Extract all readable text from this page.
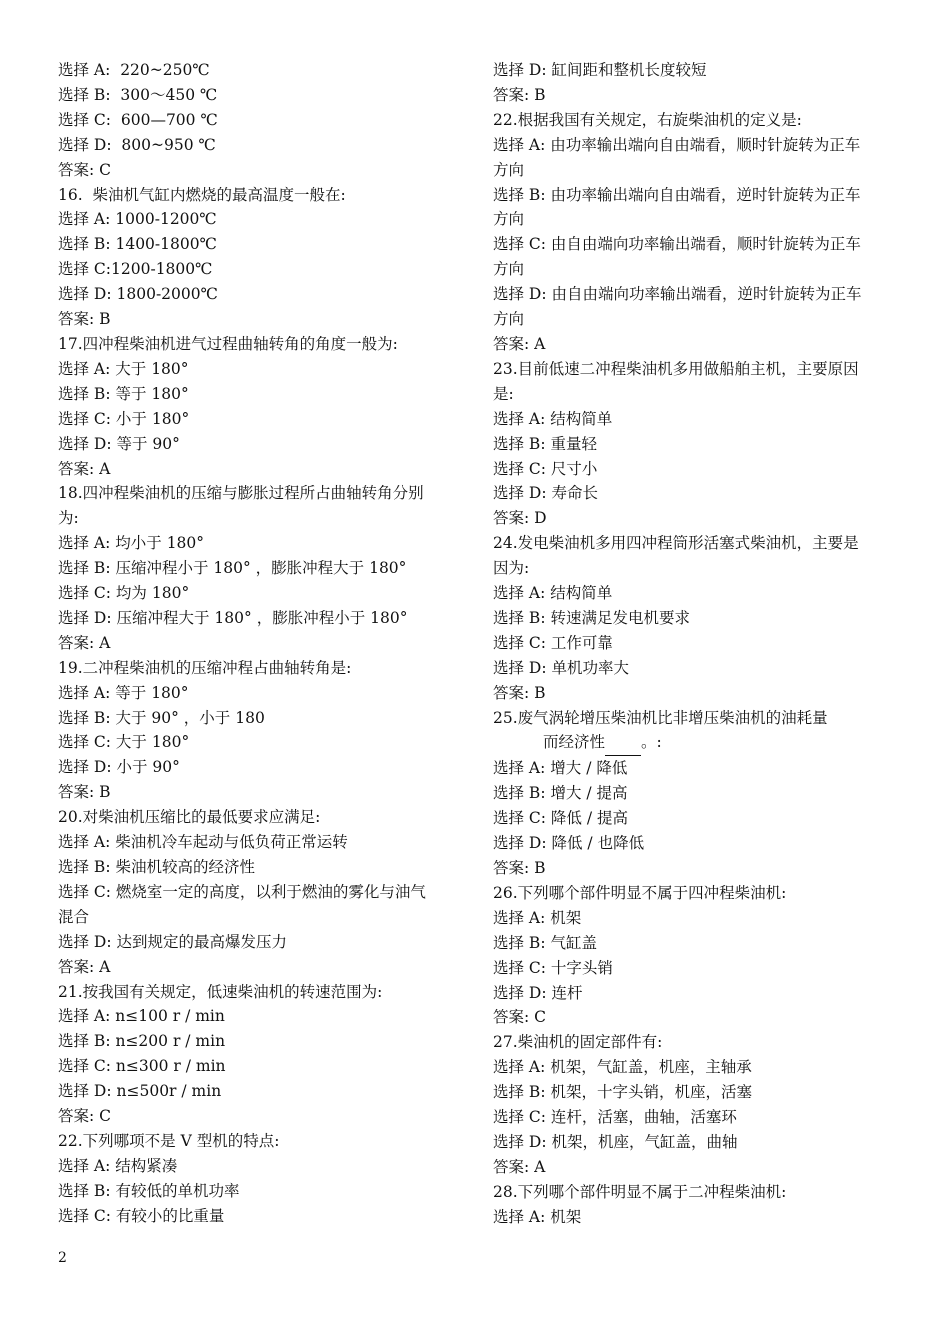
选择 A:  220~250℃
选择 B:  300～450 ℃
选择 C:  600—700 ℃
选择 D:  800~950 ℃
答案: C
16.  柴油机气缸内燃烧的最高温度一般在:
选择 A: 1000-1200℃
选择 B: 1400-1800℃
选择 C:1200-1800℃
选择 D: 1800-2000℃
答案: B
17.四冲程柴油机进气过程曲轴转角的角度一般为:
选择 A: 大于 180°
选择 B: 等于 180°
选择 C: 小于 180°
选择 D: 等于 90°
答案: A
18.四冲程柴油机的压缩与膨胀过程所占曲轴转角分别
为:
选择 A: 均小于 180°
选择 B: 压缩冲程小于 180° ，膨胀冲程大于 180°
选择 C: 均为 180°
选择 D: 压缩冲程大于 180° ，膨胀冲程小于 180°
答案: A
19.二冲程柴油机的压缩冲程占曲轴转角是:
选择 A: 等于 180°
选择 B: 大于 90° ，小于 180
选择 C: 大于 180°
选择 D: 小于 90°
答案: B
20.对柴油机压缩比的最低要求应满足:
选择 A: 柴油机冷车起动与低负荷正常运转
选择 B: 柴油机较高的经济性
选择 C: 燃烧室一定的高度，以利于燃油的雾化与油气
混合
选择 D: 达到规定的最高爆发压力
答案: A
21.按我国有关规定，低速柴油机的转速范围为:
选择 A: n≤100 r / min
选择 B: n≤200 r / min
选择 C: n≤300 r / min
选择 D: n≤500r / min
答案: C
22.下列哪项不是 V 型机的特点:
选择 A: 结构紧凑
选择 B: 有较低的单机功率
选择 C: 有较小的比重量
选择 D: 缸间距和整机长度较短
答案: B
22.根据我国有关规定，右旋柴油机的定义是:
选择 A: 由功率输出端向自由端看，顺时针旋转为正车
方向
选择 B: 由功率输出端向自由端看，逆时针旋转为正车
方向
选择 C: 由自由端向功率输出端看，顺时针旋转为正车
方向
选择 D: 由自由端向功率输出端看，逆时针旋转为正车
方向
答案: A
23.目前低速二冲程柴油机多用做船舶主机，主要原因
是:
选择 A: 结构简单
选择 B: 重量轻
选择 C: 尺寸小
选择 D: 寿命长
答案: D
24.发电柴油机多用四冲程筒形活塞式柴油机，主要是
因为:
选择 A: 结构简单
选择 B: 转速满足发电机要求
选择 C: 工作可靠
选择 D: 单机功率大
答案: B
25.废气涡轮增压柴油机比非增压柴油机的油耗量
而经济性 。:
选择 A: 增大 / 降低
选择 B: 增大 / 提高
选择 C: 降低 / 提高
选择 D: 降低 / 也降低
答案: B
26.下列哪个部件明显不属于四冲程柴油机:
选择 A: 机架
选择 B: 气缸盖
选择 C: 十字头销
选择 D: 连杆
答案: C
27.柴油机的固定部件有:
选择 A: 机架，气缸盖，机座，主轴承
选择 B: 机架，十字头销，机座，活塞
选择 C: 连杆，活塞，曲轴，活塞环
选择 D: 机架，机座，气缸盖，曲轴
答案: A
28.下列哪个部件明显不属于二冲程柴油机:
选择 A: 机架
2
